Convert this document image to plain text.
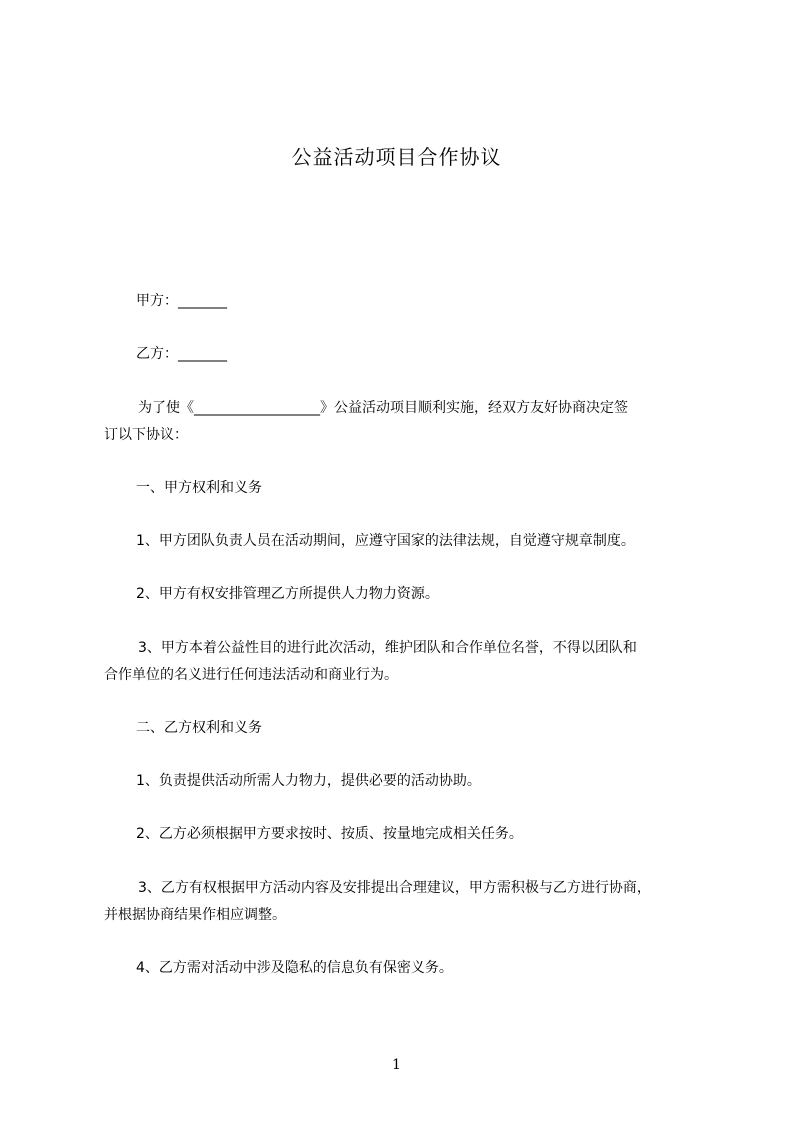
公益活动项目合作协议
甲方：_______
乙方：_______
为了使《__________________》公益活动项目顺利实施，经双方友好协商决定签
订以下协议：
一、甲方权利和义务
1、甲方团队负责人员在活动期间，应遵守国家的法律法规，自觉遵守规章制度。
2、甲方有权安排管理乙方所提供人力物力资源。
3、甲方本着公益性目的进行此次活动，维护团队和合作单位名誉，不得以团队和
合作单位的名义进行任何违法活动和商业行为。
二、乙方权利和义务
1、负责提供活动所需人力物力，提供必要的活动协助。
2、乙方必须根据甲方要求按时、按质、按量地完成相关任务。
3、乙方有权根据甲方活动内容及安排提出合理建议，甲方需积极与乙方进行协商，
并根据协商结果作相应调整。
4、乙方需对活动中涉及隐私的信息负有保密义务。
1
